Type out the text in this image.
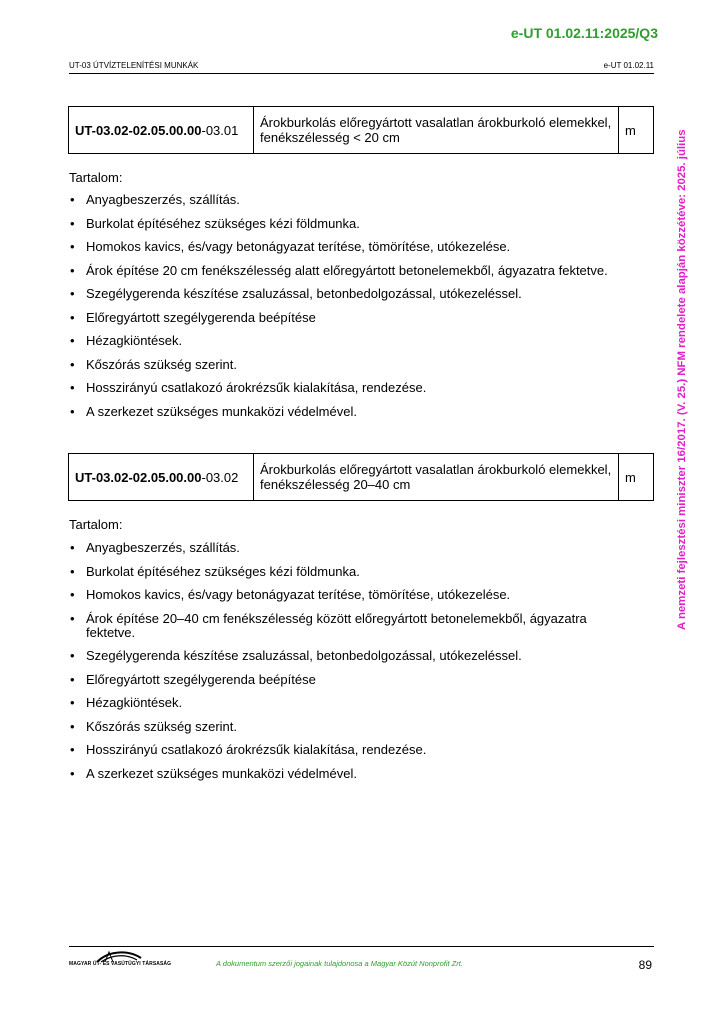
e-UT 01.02.11:2025/Q3
UT-03 ÚTVÍZTELENÍTÉSI MUNKÁK	e-UT 01.02.11
A nemzeti fejlesztési miniszter 16/2017. (V. 25.) NFM rendelete alapján közzétéve: 2025. július
UT-03.02-02.05.00.00-03.01	Árokburkolás előregyártott vasalatlan árokburkoló elemekkel,
fenékszélesség < 20 cm	m
Tartalom:
• Anyagbeszerzés, szállítás.
• Burkolat építéséhez szükséges kézi földmunka.
• Homokos kavics, és/vagy betonágyazat terítése, tömörítése, utókezelése.
• Árok építése 20 cm fenékszélesség alatt előregyártott betonelemekből, ágyazatra fektetve.
• Szegélygerenda készítése zsaluzással, betonbedolgozással, utókezeléssel.
• Előregyártott szegélygerenda beépítése
• Hézagkiöntések.
• Kőszórás szükség szerint.
• Hosszirányú csatlakozó árokrézsűk kialakítása, rendezése.
• A szerkezet szükséges munkaközi védelmével.
UT-03.02-02.05.00.00-03.02	Árokburkolás előregyártott vasalatlan árokburkoló elemekkel,
fenékszélesség 20–40 cm	m
Tartalom:
• Anyagbeszerzés, szállítás.
• Burkolat építéséhez szükséges kézi földmunka.
• Homokos kavics, és/vagy betonágyazat terítése, tömörítése, utókezelése.
• Árok építése 20–40 cm fenékszélesség között előregyártott betonelemekből, ágyazatra fektetve.
• Szegélygerenda készítése zsaluzással, betonbedolgozással, utókezeléssel.
• Előregyártott szegélygerenda beépítése
• Hézagkiöntések.
• Kőszórás szükség szerint.
• Hosszirányú csatlakozó árokrézsűk kialakítása, rendezése.
• A szerkezet szükséges munkaközi védelmével.
MAGYAR ÚT- ÉS VASÚTÜGYI TÁRSASÁG	A dokumentum szerzői jogainak tulajdonosa a Magyar Közút Nonprofit Zrt.	89
